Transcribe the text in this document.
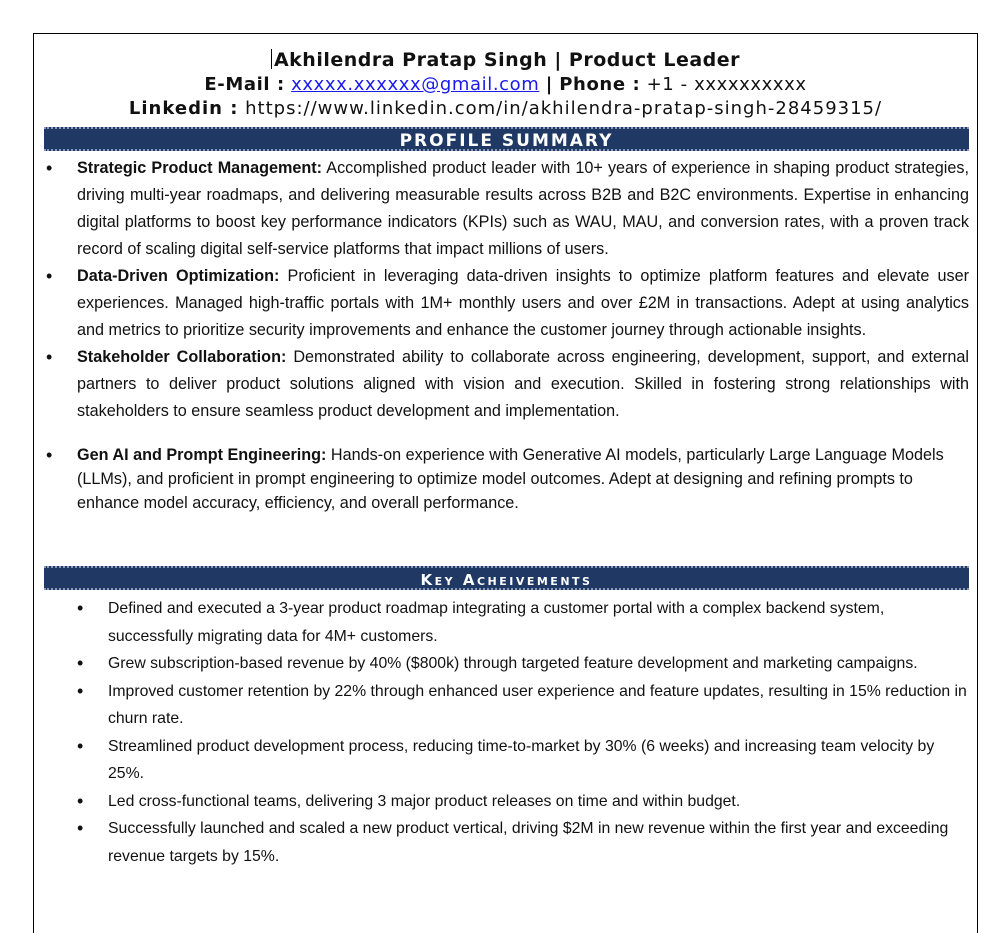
Akhilendra Pratap Singh | Product Leader
E-Mail : xxxxx.xxxxxx@gmail.com | Phone : +1 - xxxxxxxxxx
Linkedin : https://www.linkedin.com/in/akhilendra-pratap-singh-28459315/
PROFILE SUMMARY
• Strategic Product Management: Accomplished product leader with 10+ years of experience in shaping product strategies, driving multi-year roadmaps, and delivering measurable results across B2B and B2C environments. Expertise in enhancing digital platforms to boost key performance indicators (KPIs) such as WAU, MAU, and conversion rates, with a proven track record of scaling digital self-service platforms that impact millions of users.
• Data-Driven Optimization: Proficient in leveraging data-driven insights to optimize platform features and elevate user experiences. Managed high-traffic portals with 1M+ monthly users and over £2M in transactions. Adept at using analytics and metrics to prioritize security improvements and enhance the customer journey through actionable insights.
• Stakeholder Collaboration: Demonstrated ability to collaborate across engineering, development, support, and external partners to deliver product solutions aligned with vision and execution. Skilled in fostering strong relationships with stakeholders to ensure seamless product development and implementation.
• Gen AI and Prompt Engineering: Hands-on experience with Generative AI models, particularly Large Language Models (LLMs), and proficient in prompt engineering to optimize model outcomes. Adept at designing and refining prompts to enhance model accuracy, efficiency, and overall performance.
Key Acheivements
• Defined and executed a 3-year product roadmap integrating a customer portal with a complex backend system, successfully migrating data for 4M+ customers.
• Grew subscription-based revenue by 40% ($800k) through targeted feature development and marketing campaigns.
• Improved customer retention by 22% through enhanced user experience and feature updates, resulting in 15% reduction in churn rate.
• Streamlined product development process, reducing time-to-market by 30% (6 weeks) and increasing team velocity by 25%.
• Led cross-functional teams, delivering 3 major product releases on time and within budget.
• Successfully launched and scaled a new product vertical, driving $2M in new revenue within the first year and exceeding revenue targets by 15%.
